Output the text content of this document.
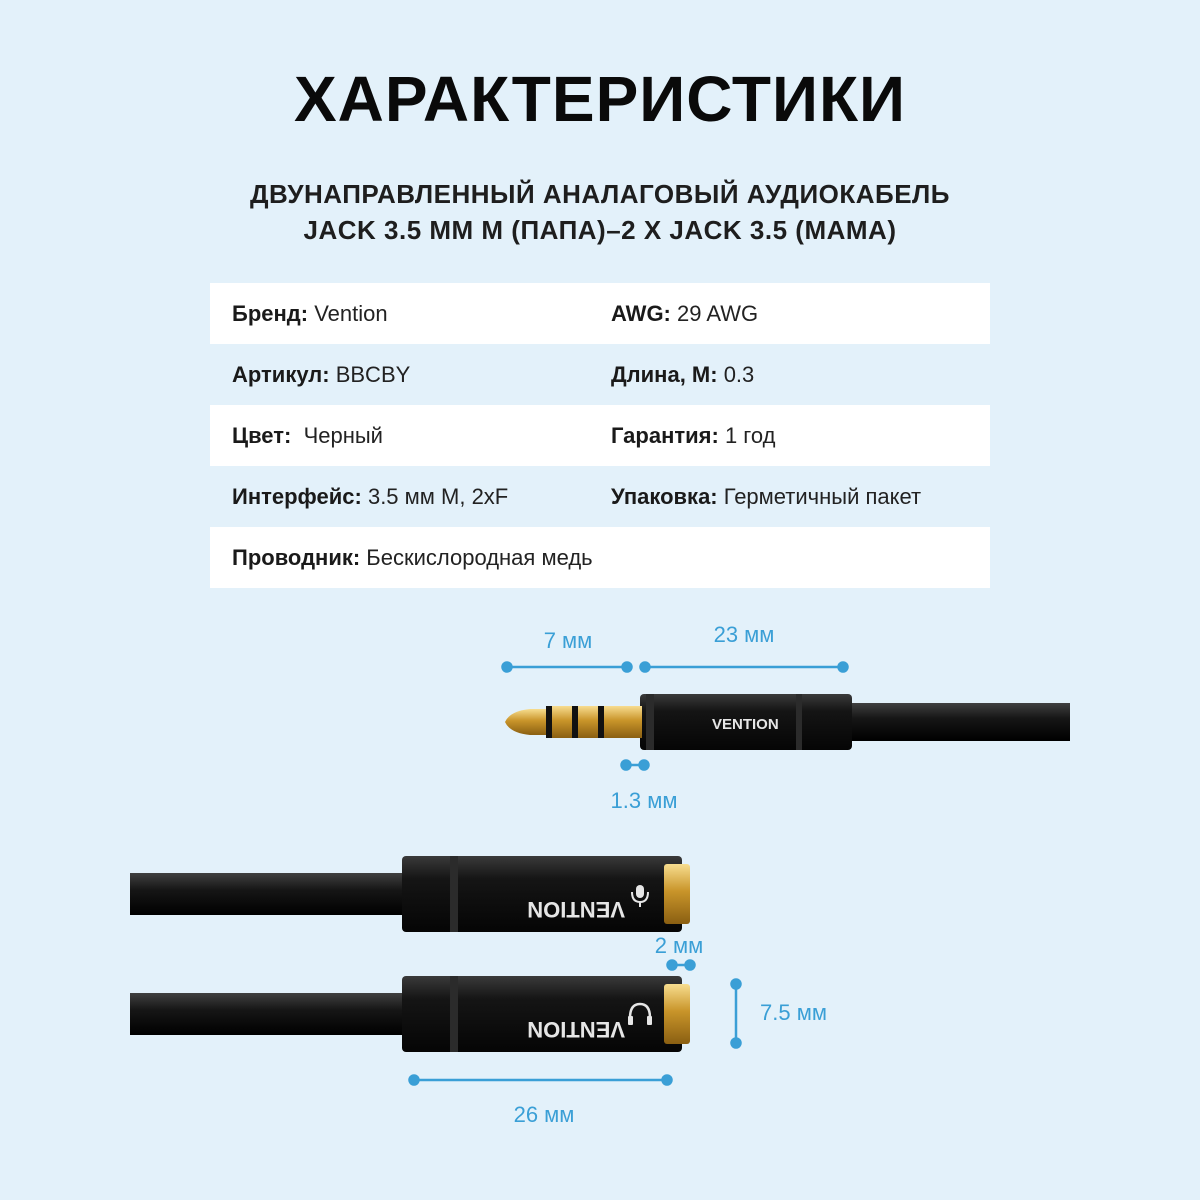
ХАРАКТЕРИСТИКИ
ДВУНАПРАВЛЕННЫЙ АНАЛАГОВЫЙ АУДИОКАБЕЛЬ
JACK 3.5 ММ M (ПАПА)–2 X JACK 3.5 (МАМА)
Бренд: Vention	AWG: 29 AWG
Артикул: BBCBY	Длина, М: 0.3
Цвет:  Черный	Гарантия: 1 год
Интерфейс: 3.5 мм M, 2xF	Упаковка: Герметичный пакет
Проводник: Бескислородная медь
VENTION
VENTION
VENTION
7 мм	23 мм
1.3 мм
2 мм
7.5 мм
26 мм
